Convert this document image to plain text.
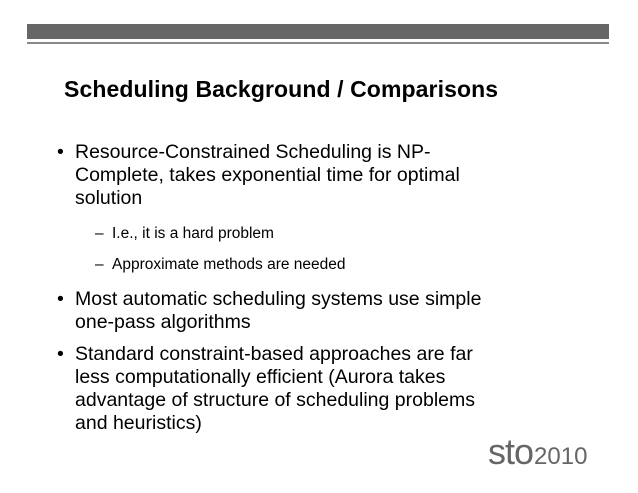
Scheduling Background / Comparisons
• Resource-Constrained Scheduling is NP-
Complete, takes exponential time for optimal
solution
– I.e., it is a hard problem
– Approximate methods are needed
• Most automatic scheduling systems use simple
one-pass algorithms
• Standard constraint-based approaches are far
less computationally efficient (Aurora takes
advantage of structure of scheduling problems
and heuristics)
sto 2010
